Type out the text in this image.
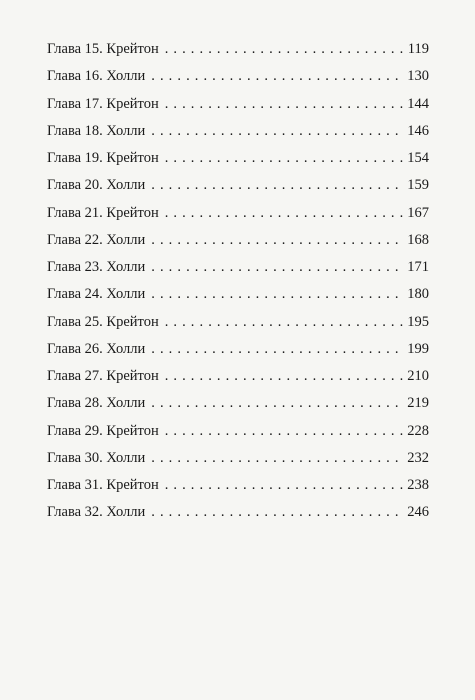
Глава 15. Крейтон . . .	119
Глава 16. Холли . . .	130
Глава 17. Крейтон . . .	144
Глава 18. Холли . . .	146
Глава 19. Крейтон . . .	154
Глава 20. Холли . . .	159
Глава 21. Крейтон . . .	167
Глава 22. Холли . . .	168
Глава 23. Холли . . .	171
Глава 24. Холли . . .	180
Глава 25. Крейтон . . .	195
Глава 26. Холли . . .	199
Глава 27. Крейтон . . .	210
Глава 28. Холли . . .	219
Глава 29. Крейтон . . .	228
Глава 30. Холли . . .	232
Глава 31. Крейтон . . .	238
Глава 32. Холли . . .	246
